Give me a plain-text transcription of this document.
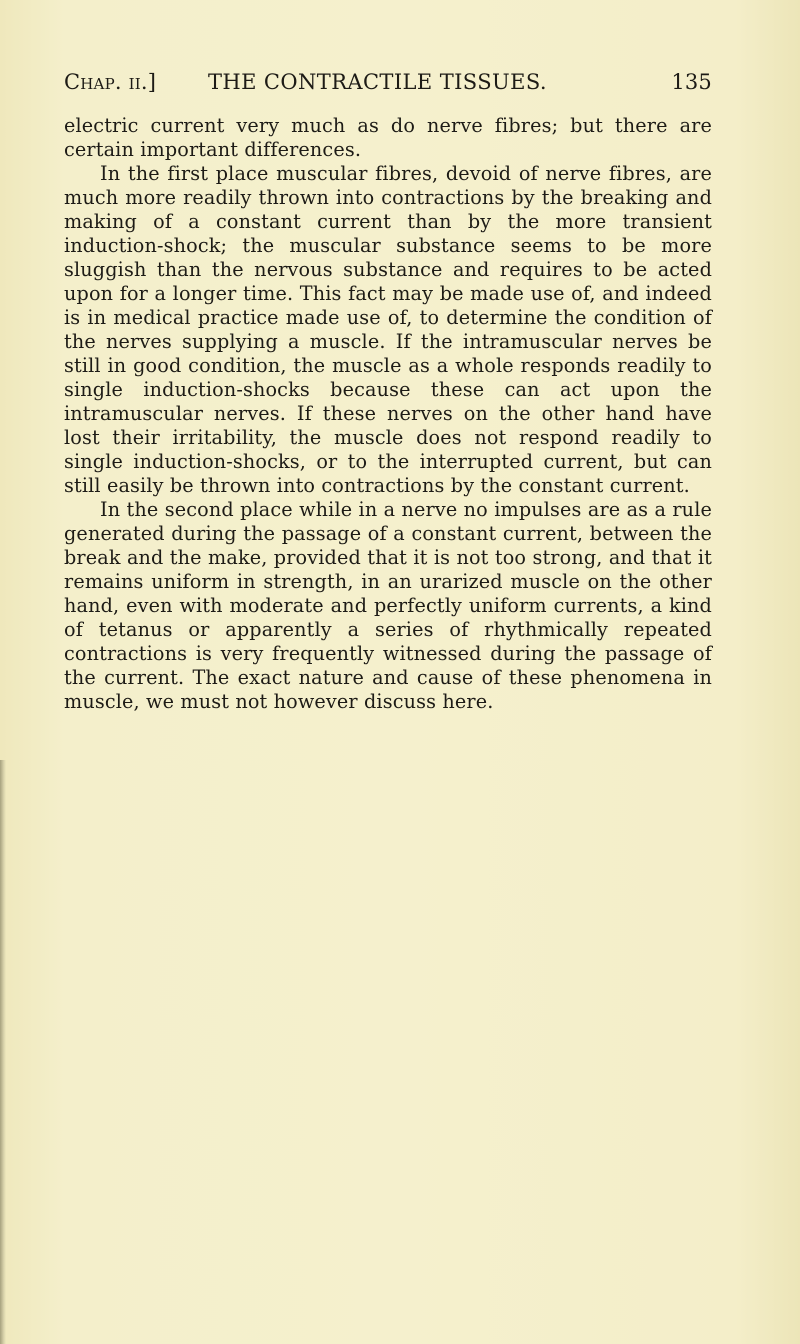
Chap. ii.] THE CONTRACTILE TISSUES.	135

electric current very much as do nerve fibres; but there are certain important differences.

In the first place muscular fibres, devoid of nerve fibres, are much more readily thrown into contractions by the breaking and making of a constant current than by the more transient induction-shock; the muscular substance seems to be more sluggish than the nervous substance and requires to be acted upon for a longer time. This fact may be made use of, and indeed is in medical practice made use of, to determine the condition of the nerves supplying a muscle. If the intramuscular nerves be still in good condition, the muscle as a whole responds readily to single induction-shocks because these can act upon the intramuscular nerves. If these nerves on the other hand have lost their irritability, the muscle does not respond readily to single induction-shocks, or to the interrupted current, but can still easily be thrown into contractions by the constant current.

In the second place while in a nerve no impulses are as a rule generated during the passage of a constant current, between the break and the make, provided that it is not too strong, and that it remains uniform in strength, in an urarized muscle on the other hand, even with moderate and perfectly uniform currents, a kind of tetanus or apparently a series of rhythmically repeated contractions is very frequently witnessed during the passage of the current. The exact nature and cause of these phenomena in muscle, we must not however discuss here.
